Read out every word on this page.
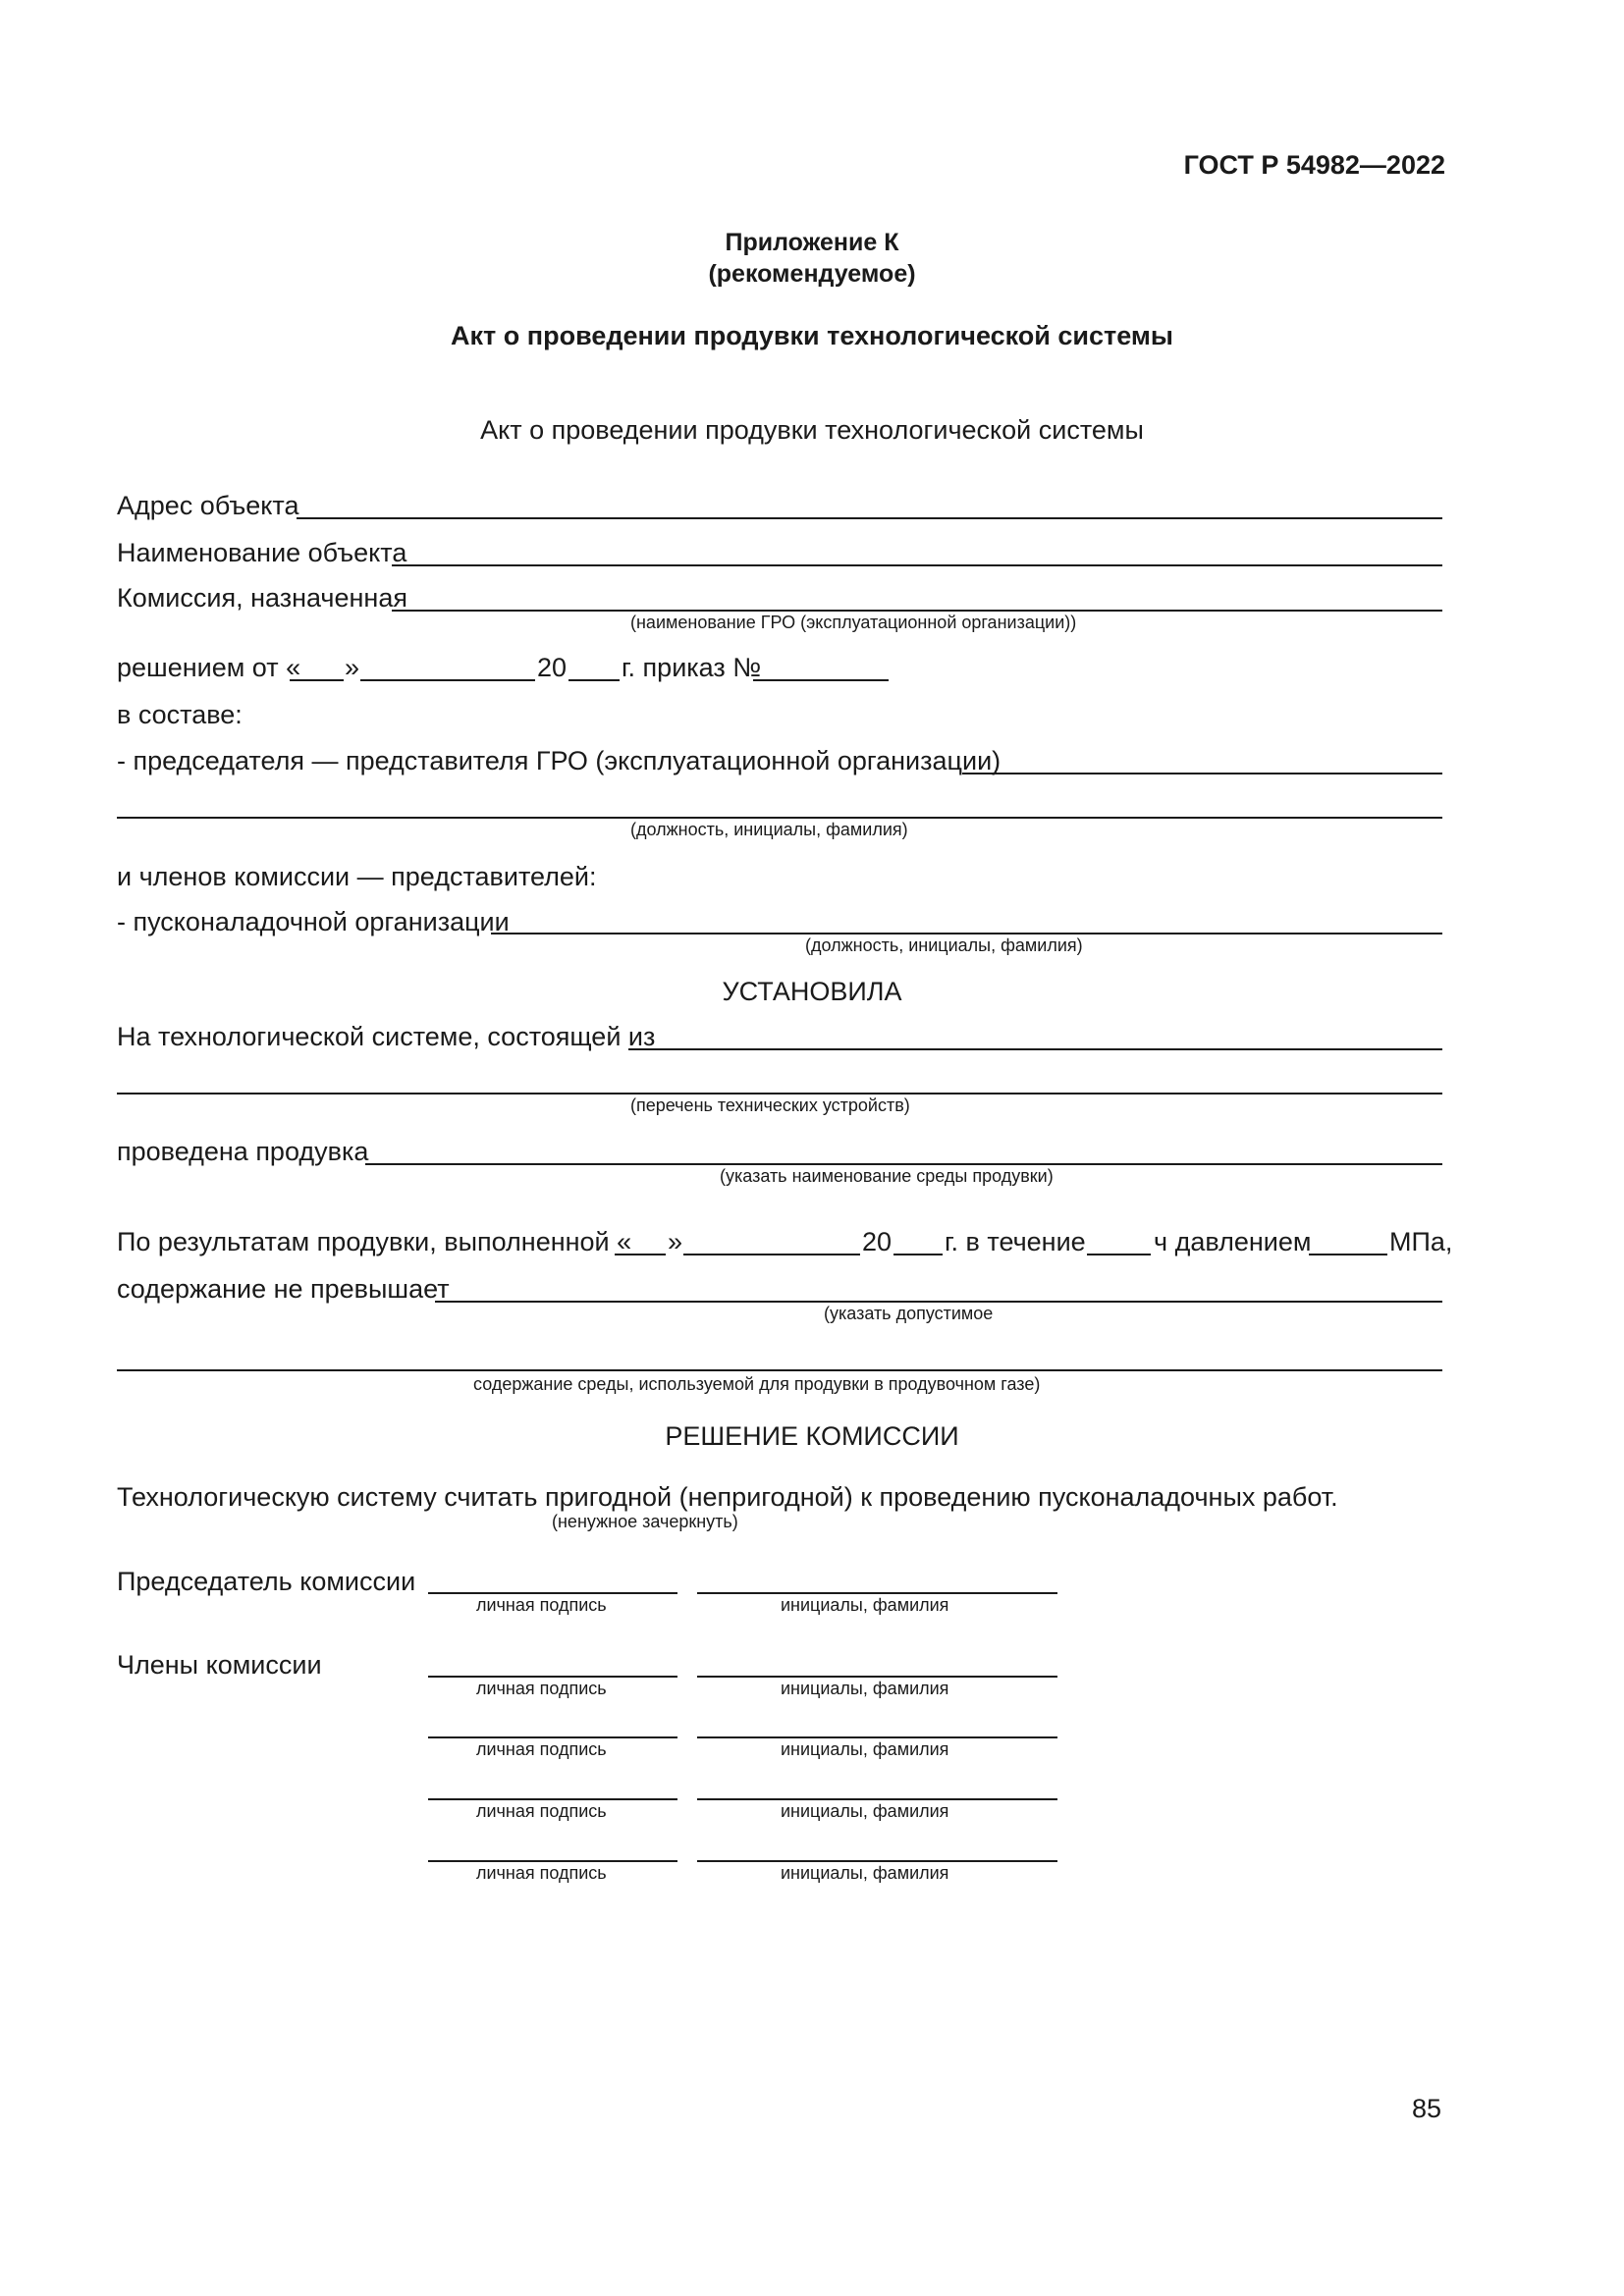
ГОСТ Р 54982—2022
Приложение К
(рекомендуемое)
Акт о проведении продувки технологической системы
Акт о проведении продувки технологической системы
Адрес объекта
Наименование объекта
Комиссия, назначенная
(наименование ГРО (эксплуатационной организации))
решением от « »	20 г. приказ №
в составе:
- председателя — представителя ГРО (эксплуатационной организации)
(должность, инициалы, фамилия)
и членов комиссии — представителей:
- пусконаладочной организации
(должность, инициалы, фамилия)
УСТАНОВИЛА
На технологической системе, состоящей из
(перечень технических устройств)
проведена продувка
(указать наименование среды продувки)
По результатам продувки, выполненной « »	20 г. в течение	ч давлением	МПа,
содержание не превышает
(указать допустимое
содержание среды, используемой для продувки в продувочном газе)
РЕШЕНИЕ КОМИССИИ
Технологическую систему считать пригодной (непригодной) к проведению пусконаладочных работ.
(ненужное зачеркнуть)
Председатель комиссии
личная подпись	инициалы, фамилия
Члены комиссии
личная подпись	инициалы, фамилия
личная подпись	инициалы, фамилия
личная подпись	инициалы, фамилия
личная подпись	инициалы, фамилия
85
